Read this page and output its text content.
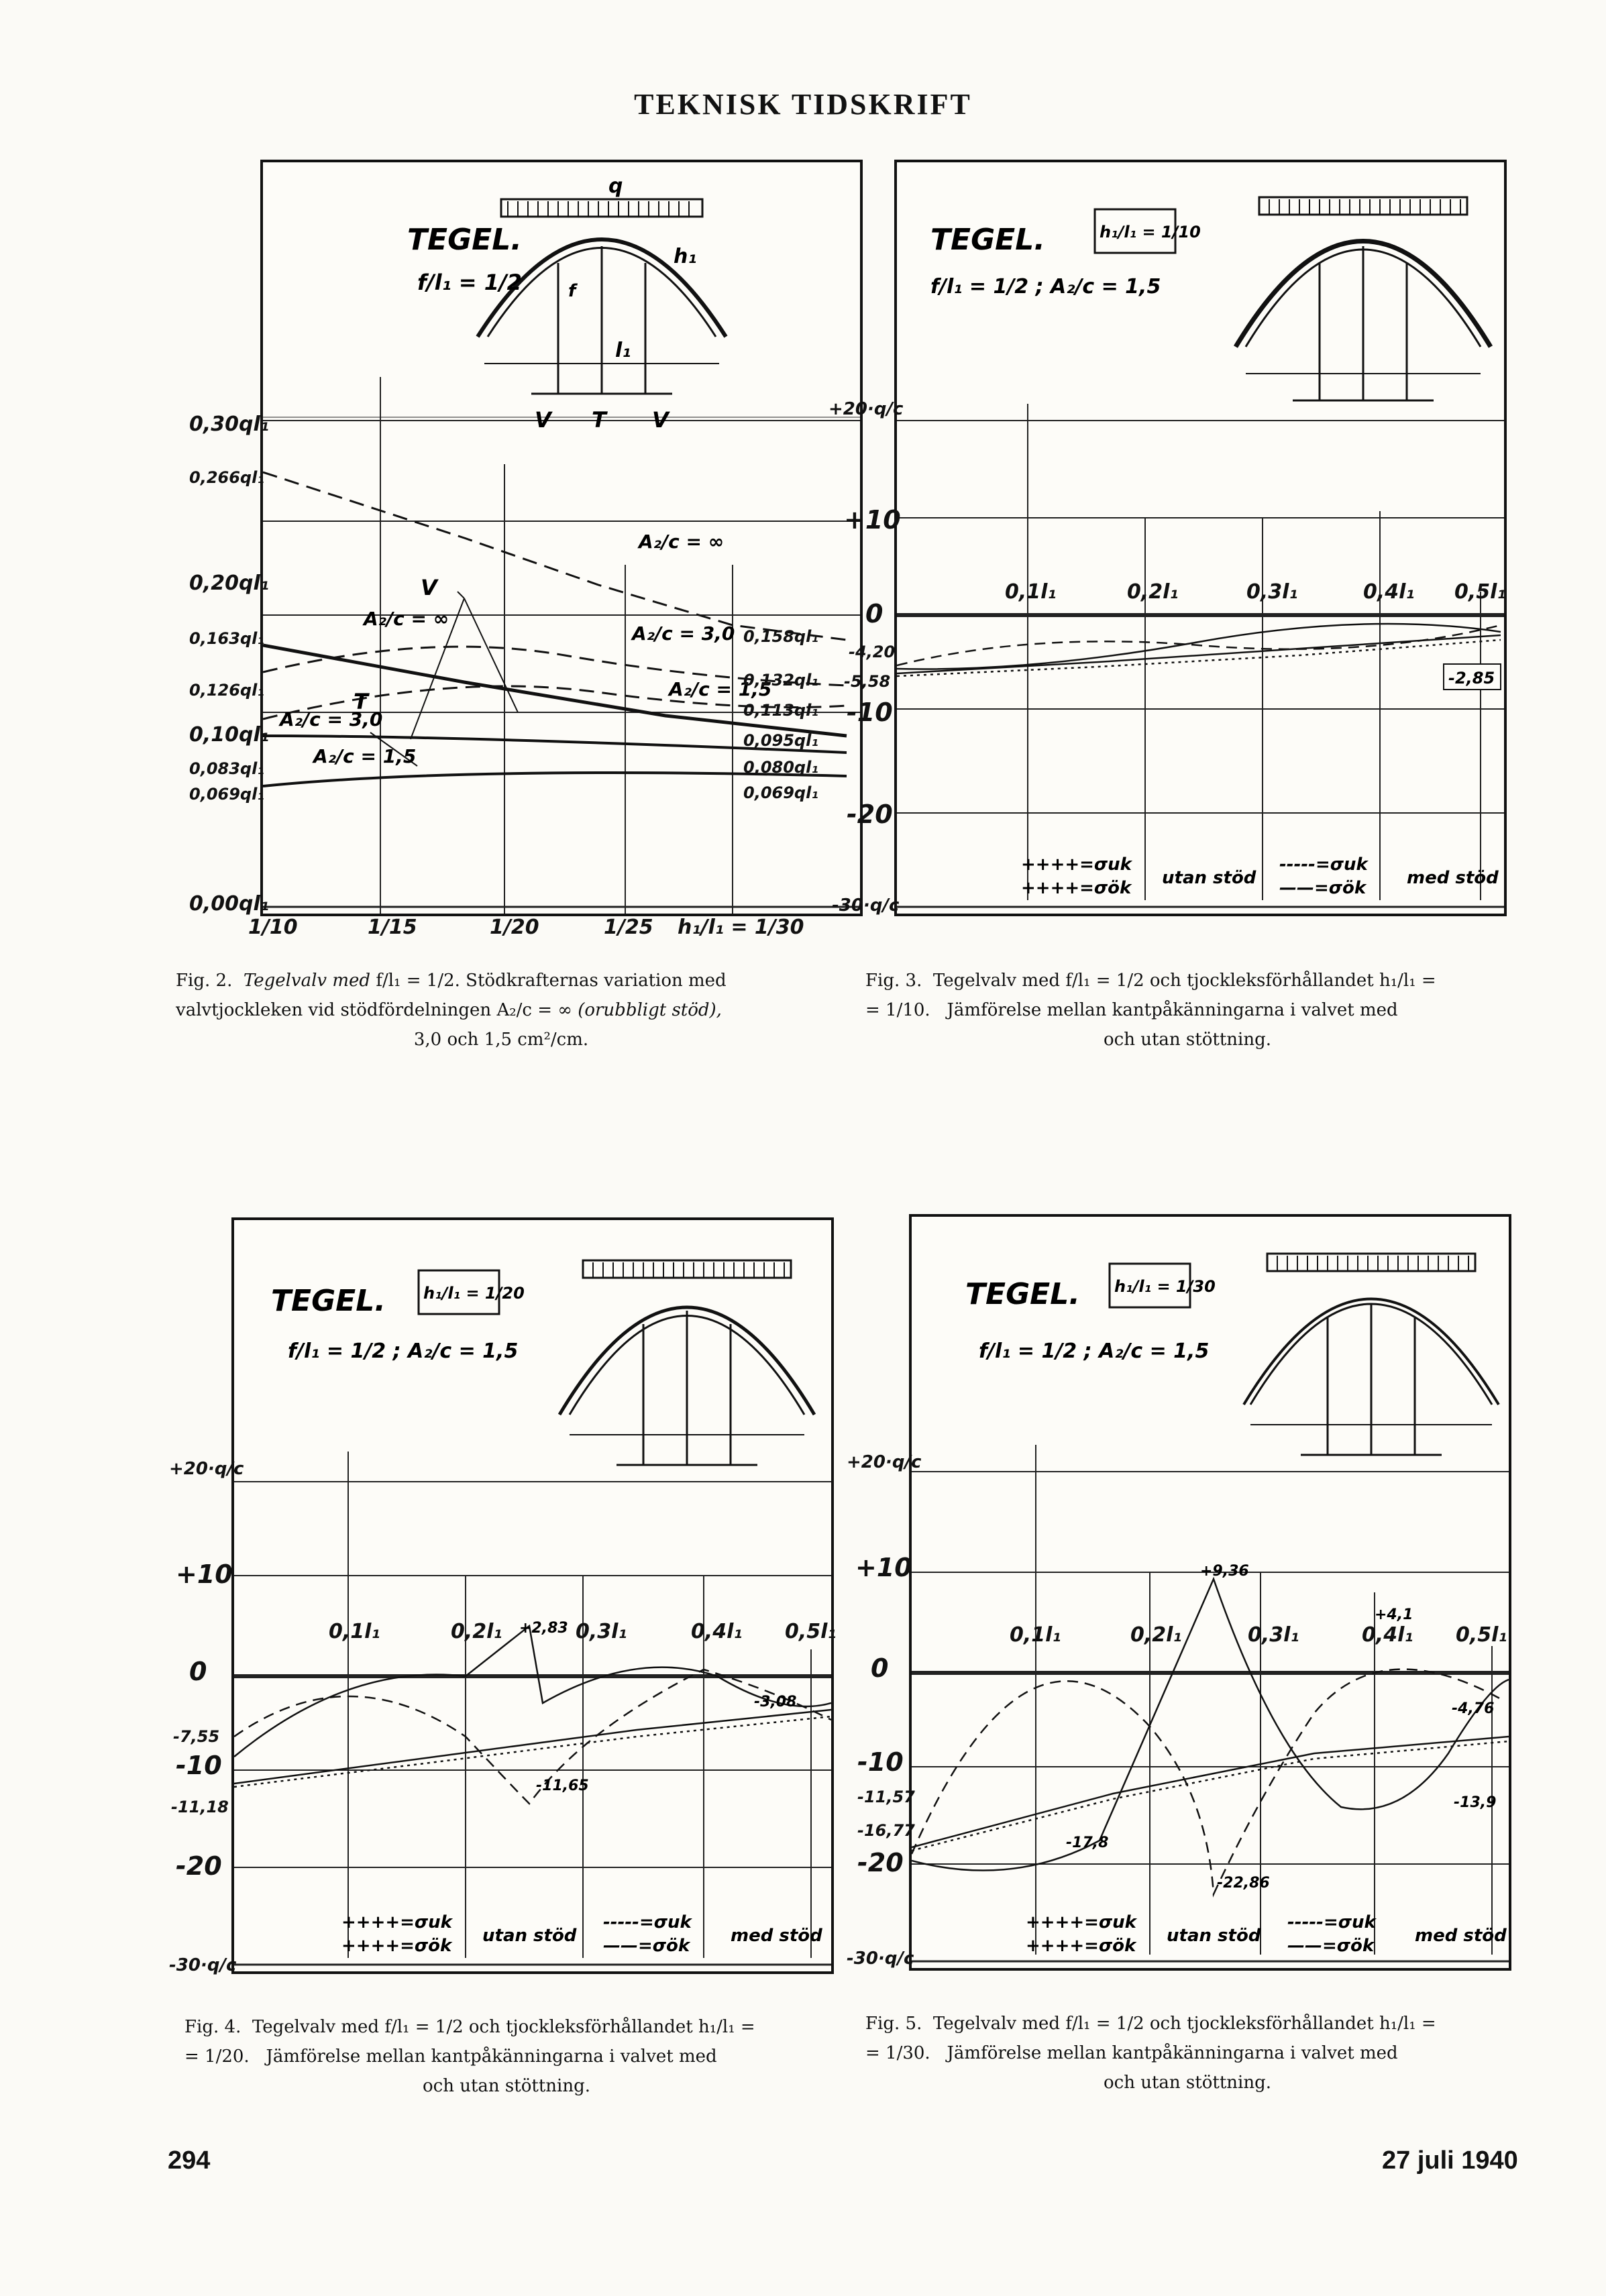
TEKNISK TIDSKRIFT
TEGEL.
f/l₁ = 1/2
q
h₁
f
l₁
V T V
A₂/c = ∞
A₂/c = 3,0
A₂/c = 1,5
A₂/c = ∞
A₂/c = 3,0
A₂/c = 1,5
V
T
0,30ql₁
0,266ql₁
0,20ql₁
0,163ql₁
0,126ql₁
0,10ql₁
0,083ql₁
0,069ql₁
0,00ql₁
0,158ql₁
0,132ql₁
0,113ql₁
0,095ql₁
0,080ql₁
0,069ql₁
1/10	1/15	1/20	1/25 h₁/l₁ = 1/30
Fig. 2. Tegelvalv med f/l₁ = 1/2. Stödkrafternas variation med
valvtjockleken vid stödfördelningen A₂/c = ∞ (orubbligt stöd),
3,0 och 1,5 cm²/cm.
TEGEL.	h₁/l₁ = 1/10
f/l₁ = 1/2 ; A₂/c = 1,5
-2,85
++++=σuk
++++=σök utan stöd
-----=σuk
——=σök med stöd
+20·q/c
+10
0
-4,20
-5,58
-10
-20
-30·q/c
0,1l₁	0,2l₁	0,3l₁	0,4l₁ 0,5l₁
Fig. 3. Tegelvalv med f/l₁ = 1/2 och tjockleksförhållandet h₁/l₁ =
= 1/10. Jämförelse mellan kantpåkänningarna i valvet med
och utan stöttning.
TEGEL. h₁/l₁ = 1/20
f/l₁ = 1/2 ; A₂/c = 1,5
+2,83
-3,08
-11,65
++++=σuk
++++=σök utan stöd
-----=σuk
——=σök med stöd
+20·q/c
+10
0
-7,55
-10
-11,18
-20
-30·q/c
0,1l₁	0,2l₁	0,3l₁	0,4l₁ 0,5l₁
Fig. 4. Tegelvalv med f/l₁ = 1/2 och tjockleksförhållandet h₁/l₁ =
= 1/20. Jämförelse mellan kantpåkänningarna i valvet med
och utan stöttning.
TEGEL. h₁/l₁ = 1/30
f/l₁ = 1/2 ; A₂/c = 1,5
+9,36
+4,1
-4,76
-13,9
-17,8
-22,86
++++=σuk
++++=σök utan stöd
-----=σuk
——=σök med stöd
+20·q/c
+10
0
-10
-11,57
-16,77
-20
-30·q/c
0,1l₁	0,2l₁	0,3l₁	0,4l₁ 0,5l₁
Fig. 5. Tegelvalv med f/l₁ = 1/2 och tjockleksförhållandet h₁/l₁ =
= 1/30. Jämförelse mellan kantpåkänningarna i valvet med
och utan stöttning.
294	27 juli 1940
